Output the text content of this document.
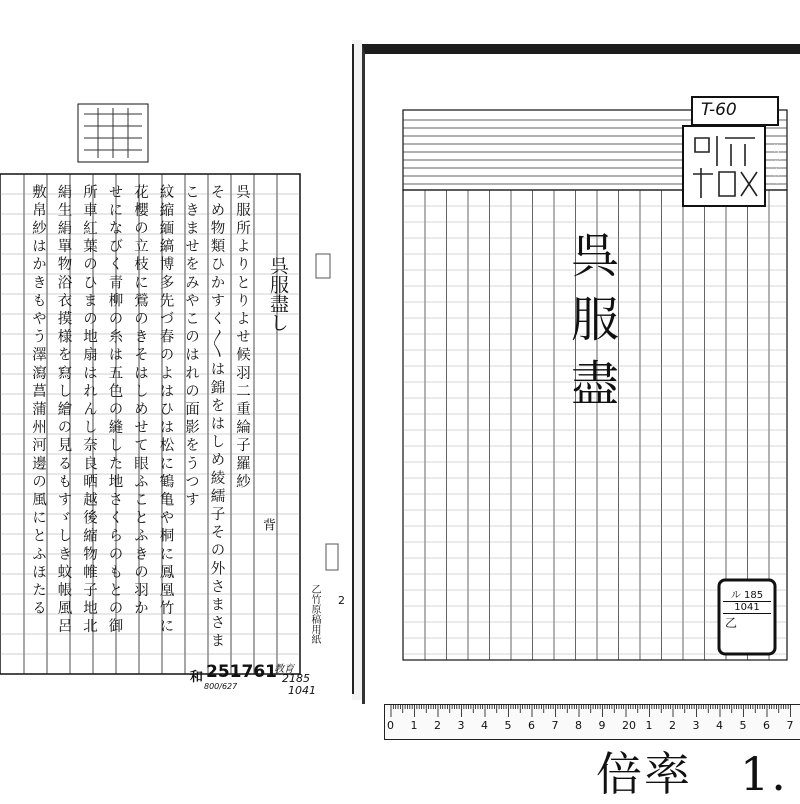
呉服盡し
呉服所よりとりよせ候羽二重綸子羅紗
そめ物類ひかすく〱は錦をはしめ綾繻子その外さまさま
こきませをみやこのはれの面影をうつす
紋縮緬縞博多先づ春のよはひは松に鶴亀や桐に鳳凰竹に
花櫻の立枝に鶯のきそはしめせて眼ふことふきの羽か
せになびく青柳の糸は五色の縫した地さくらのもとの御
所車紅葉のひまの地扇はれんし奈良晒越後縮物帷子地北
絹生絹單物浴衣摸様を寫し繪の見るもすゞしき蚊帳風呂
敷帛紗はかきもやう澤瀉菖蒲州河邊の風にとふほたる	背
乙竹原稿用紙 2
和 251761
教育
2185
1041
800/627
T-60
乙竹氏蔵書印
呉
服
盡
ル 185
1041
乙
0 1 2 3 4 5 6 7 8 9 20 1 2 3 4 5 6 7
倍率　1.
